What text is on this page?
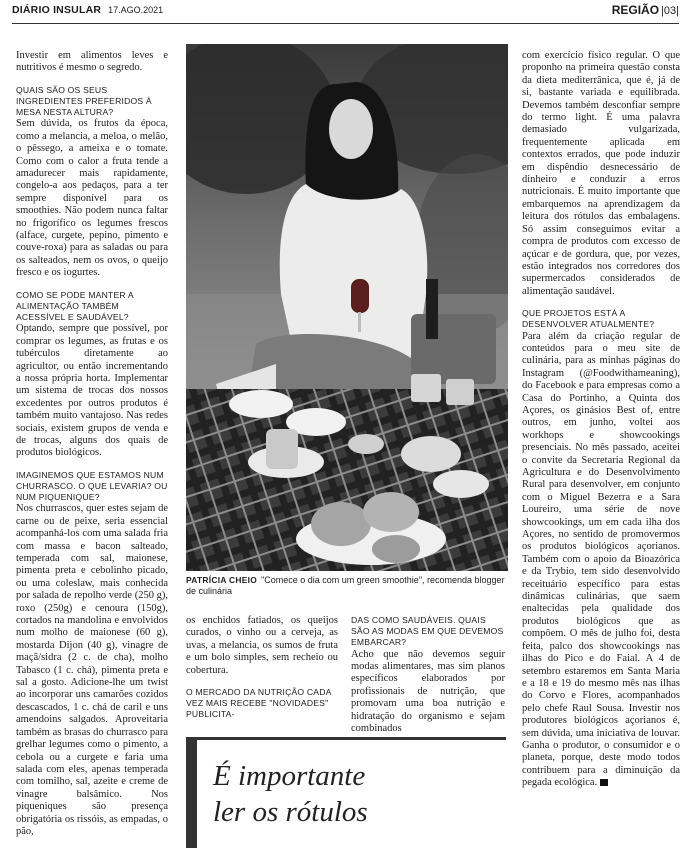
DIÁRIO INSULAR 17.AGO.2021	REGIÃO |03|

Investir em alimentos leves e nutritivos é mesmo o segredo.

QUAIS SÃO OS SEUS INGREDIENTES PREFERIDOS À MESA NESTA ALTURA?

Sem dúvida, os frutos da época, como a melancia, a meloa, o melão, o pêssego, a ameixa e o tomate. Como com o calor a fruta tende a amadurecer mais rapidamente, congelo-a aos pedaços, para a ter sempre disponível para os smoothies. Não podem nunca faltar no frigorífico os legumes frescos (alface, curgete, pepino, pimento e couve-roxa) para as saladas ou para os salteados, nem os ovos, o queijo fresco e os iogurtes.

COMO SE PODE MANTER A ALIMENTAÇÃO TAMBÉM ACESSÍVEL E SAUDÁVEL?

Optando, sempre que possível, por comprar os legumes, as frutas e os tubérculos diretamente ao agricultor, ou então incrementando a nossa própria horta. Implementar um sistema de trocas dos nossos excedentes por outros produtos é também muito vantajoso. Nas redes sociais, existem grupos de venda e de trocas, alguns dos quais de produtos biológicos.

IMAGINEMOS QUE ESTAMOS NUM CHURRASCO. O QUE LEVARIA? OU NUM PIQUENIQUE?

Nos churrascos, quer estes sejam de carne ou de peixe, seria essencial acompanhá-los com uma salada fria com massa e bacon salteado, temperada com sal, maionese, pimenta preta e cebolinho picado, ou uma coleslaw, mais conhecida por salada de repolho verde (250 g), roxo (250g) e cenoura (150g), cortados na mandolina e envolvidos num molho de maionese (60 g), mostarda Dijon (40 g), vinagre de maçã/sidra (2 c. de cha), molho Tabasco (1 c. chá), pimenta preta e sal a gosto. Adicione-lhe um twist ao incorporar uns camarões cozidos descascados, 1 c. chá de caril e uns amendoins salgados. Aproveitaria também as brasas do churrasco para grelhar legumes como o pimento, a cebola ou a curgete e faria uma salada com eles, apenas temperada com tomilho, sal, azeite e creme de vinagre balsâmico. Nos piqueniques são presença obrigatória os rissóis, as empadas, o pão,

PATRÍCIA CHEIO "Comece o dia com um green smoothie", recomenda blogger de culinária

os enchidos fatiados, os queijos curados, o vinho ou a cerveja, as uvas, a melancia, os sumos de fruta e um bolo simples, sem recheio ou cobertura.

O MERCADO DA NUTRIÇÃO CADA VEZ MAIS RECEBE "NOVIDADES" PUBLICITA-
DAS COMO SAUDÁVEIS. QUAIS SÃO AS MODAS EM QUE DEVEMOS EMBARCAR?

Acho que não devemos seguir modas alimentares, mas sim planos específicos elaborados por profissionais de nutrição, que promovam uma boa nutrição e hidratação do organismo e sejam combinados

É importante
ler os rótulos

com exercício físico regular. O que proponho na primeira questão consta da dieta mediterrânica, que é, já de si, bastante variada e equilibrada. Devemos também desconfiar sempre do termo light. É uma palavra demasiado vulgarizada, frequentemente aplicada em contextos errados, que pode induzir em dispêndio desnecessário de dinheiro e conduzir a erros nutricionais. É muito importante que embarquemos na aprendizagem da leitura dos rótulos das embalagens. Só assim conseguimos evitar a compra de produtos com excesso de açúcar e de gordura, que, por vezes, estão integrados nos corredores dos supermercados considerados de alimentação saudável.

QUE PROJETOS ESTÁ A DESENVOLVER ATUALMENTE?

Para além da criação regular de conteúdos para o meu site de culinária, para as minhas páginas do Instagram (@Foodwithameaning), do Facebook e para empresas como a Casa do Portinho, a Quinta dos Açores, os ginásios Best of, entre outros, em junho, voltei aos workhops e showcookings presenciais. No mês passado, aceitei o convite da Secretaria Regional da Agricultura e do Desenvolvimento Rural para desenvolver, em conjunto com o Miguel Bezerra e a Sara Loureiro, uma série de nove showcookings, um em cada ilha dos Açores, no sentido de promovermos os produtos biológicos açorianos. Também com o apoio da Bioazórica e da Trybio, tem sido desenvolvido receituário específico para estas dinâmicas culinárias, que saem enaltecidas pela qualidade dos produtos biológicos que as compõem. O mês de julho foi, desta feita, palco dos showcookings nas ilhas do Pico e do Faial. A 4 de setembro estaremos em Santa Maria e a 18 e 19 do mesmo mês nas ilhas do Corvo e Flores, acompanhados pelo chefe Raul Sousa. Investir nos produtores biológicos açorianos é, sem dúvida, uma iniciativa de louvar. Ganha o produtor, o consumidor e o planeta, porque, deste modo todos contribuem para a diminuição da pegada ecológica.
